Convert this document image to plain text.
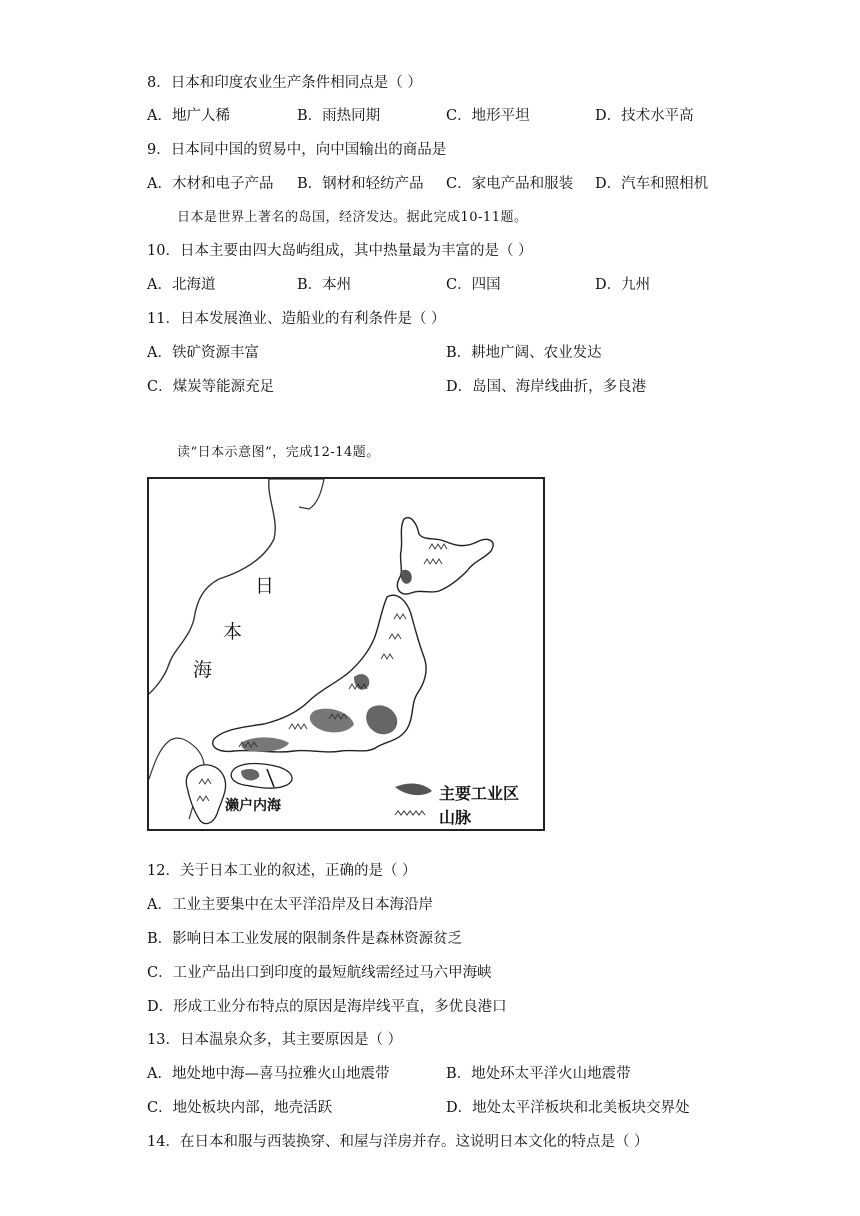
8．日本和印度农业生产条件相同点是（ ）
A．地广人稀	B．雨热同期	C．地形平坦	D．技术水平高
9．日本同中国的贸易中，向中国输出的商品是
A．木材和电子产品 B．钢材和轻纺产品 C．家电产品和服装 D．汽车和照相机
日本是世界上著名的岛国，经济发达。据此完成10-11题。
10．日本主要由四大岛屿组成，其中热量最为丰富的是（ ）
A．北海道	B．本州	C．四国	D．九州
11．日本发展渔业、造船业的有利条件是（ ）
A．铁矿资源丰富	B．耕地广阔、农业发达
C．煤炭等能源充足	D．岛国、海岸线曲折，多良港
读“日本示意图”，完成12-14题。
日
本
海
濑户内海
主要工业区
山脉
12．关于日本工业的叙述，正确的是（ ）
A．工业主要集中在太平洋沿岸及日本海沿岸
B．影响日本工业发展的限制条件是森林资源贫乏
C．工业产品出口到印度的最短航线需经过马六甲海峡
D．形成工业分布特点的原因是海岸线平直，多优良港口
13．日本温泉众多，其主要原因是（ ）
A．地处地中海—喜马拉雅火山地震带	B．地处环太平洋火山地震带
C．地处板块内部，地壳活跃	D．地处太平洋板块和北美板块交界处
14．在日本和服与西装换穿、和屋与洋房并存。这说明日本文化的特点是（ ）
